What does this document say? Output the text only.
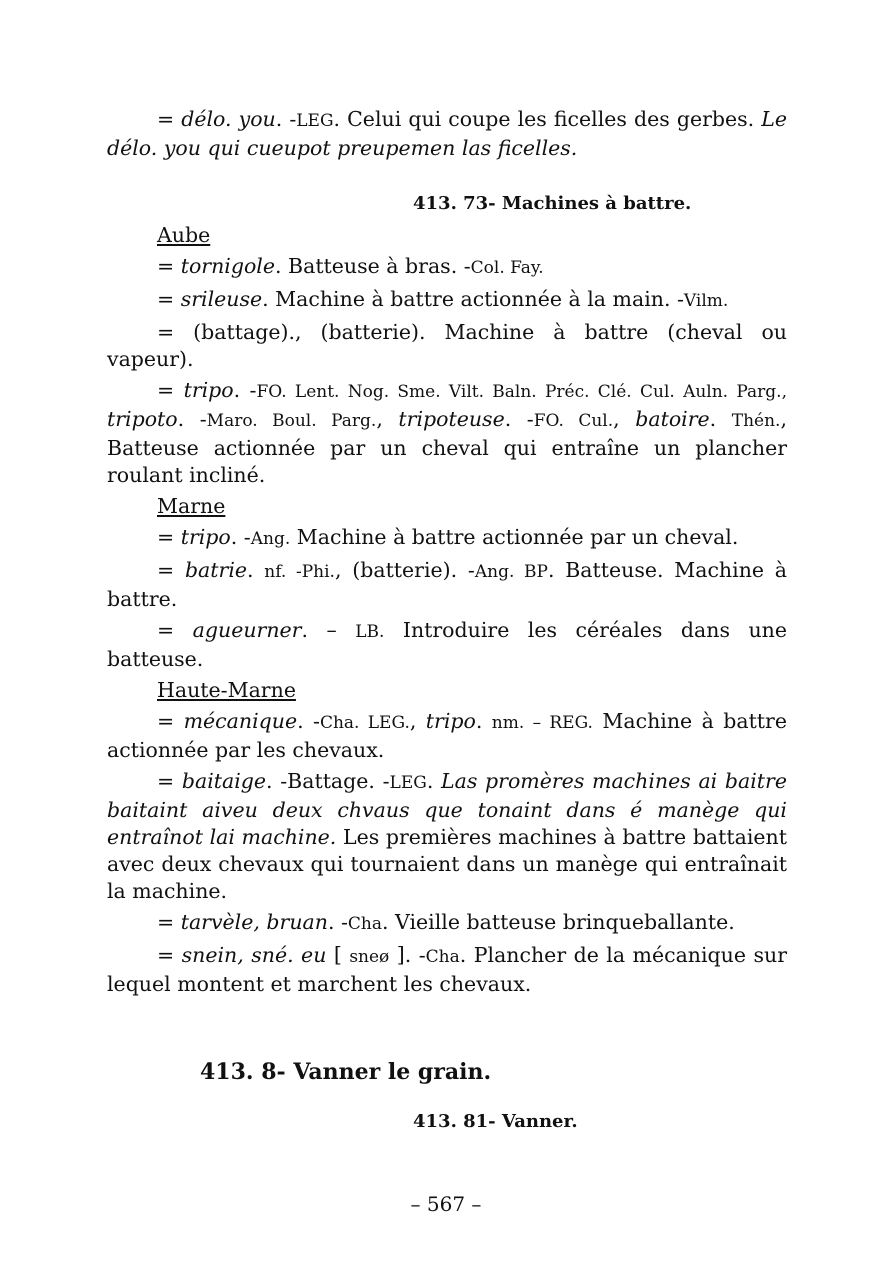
= délo. you. -LEG. Celui qui coupe les ficelles des gerbes. Le délo. you qui cueupot preupemen las ficelles.

413. 73- Machines à battre.

Aube

= tornigole. Batteuse à bras. -Col. Fay.

= srileuse. Machine à battre actionnée à la main. -Vilm.

= (battage)., (batterie). Machine à battre (cheval ou vapeur).

= tripo. -FO. Lent. Nog. Sme. Vilt. Baln. Préc. Clé. Cul. Auln. Parg., tripoto. -Maro. Boul. Parg., tripoteuse. -FO. Cul., batoire. Thén., Batteuse actionnée par un cheval qui entraîne un plancher roulant incliné.

Marne

= tripo. -Ang. Machine à battre actionnée par un cheval.

= batrie. nf. -Phi., (batterie). -Ang. BP. Batteuse. Machine à battre.

= agueurner. – LB. Introduire les céréales dans une batteuse.

Haute-Marne

= mécanique. -Cha. LEG., tripo. nm. – REG. Machine à battre actionnée par les chevaux.

= baitaige. -Battage. -LEG. Las promères machines ai baitre baitaint aiveu deux chvaus que tonaint dans é manège qui entraînot lai machine. Les premières machines à battre battaient avec deux chevaux qui tournaient dans un manège qui entraînait la machine.

= tarvèle, bruan. -Cha. Vieille batteuse brinqueballante.

= snein, sné. eu [ sneø ]. -Cha. Plancher de la mécanique sur lequel montent et marchent les chevaux.

413. 8- Vanner le grain.

413. 81- Vanner.

– 567 –
